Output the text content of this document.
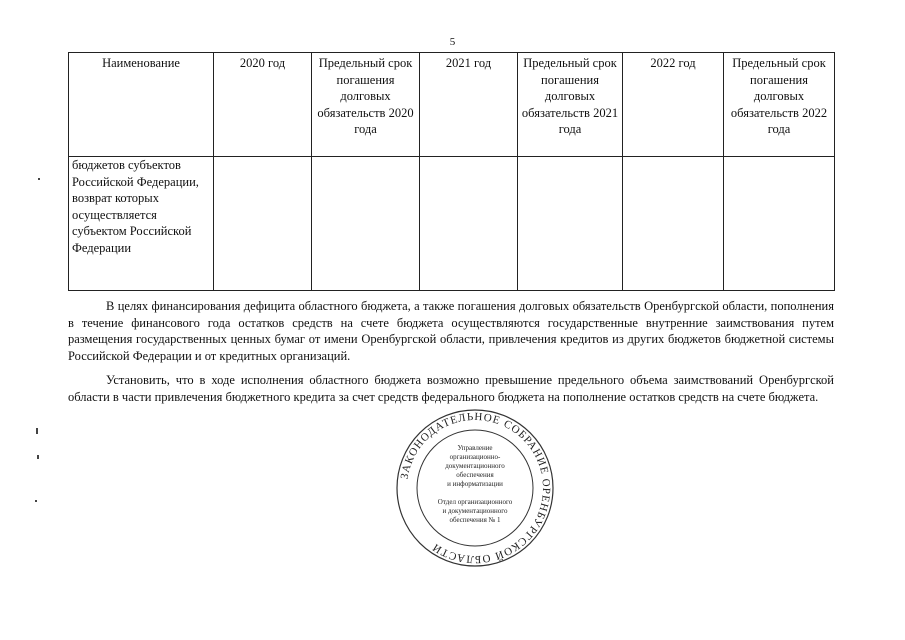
5
Наименование	2020 год	Предельный срок погашения долговых обязательств 2020 года	2021 год	Предельный срок погашения долговых обязательств 2021 года	2022 год	Предельный срок погашения долговых обязательств 2022 года
бюджетов субъектов Российской Федерации, возврат которых осуществляется субъектом Российской Федерации						

В целях финансирования дефицита областного бюджета, а также погашения долговых обязательств Оренбургской области, пополнения в течение финансового года остатков средств на счете бюджета осуществляются государственные внутренние заимствования путем размещения государственных ценных бумаг от имени Оренбургской области, привлечения кредитов из других бюджетов бюджетной системы Российской Федерации и от кредитных организаций.

Установить, что в ходе исполнения областного бюджета возможно превышение предельного объема заимствований Оренбургской области в части привлечения бюджетного кредита за счет средств федерального бюджета на пополнение остатков средств на счете бюджета.

ЗАКОНОДАТЕЛЬНОЕ СОБРАНИЕ ОРЕНБУРГСКОЙ ОБЛАСТИ
Управление
организационно-
документационного
обеспечения
и информатизации
Отдел организационного
и документационного
обеспечения № 1
